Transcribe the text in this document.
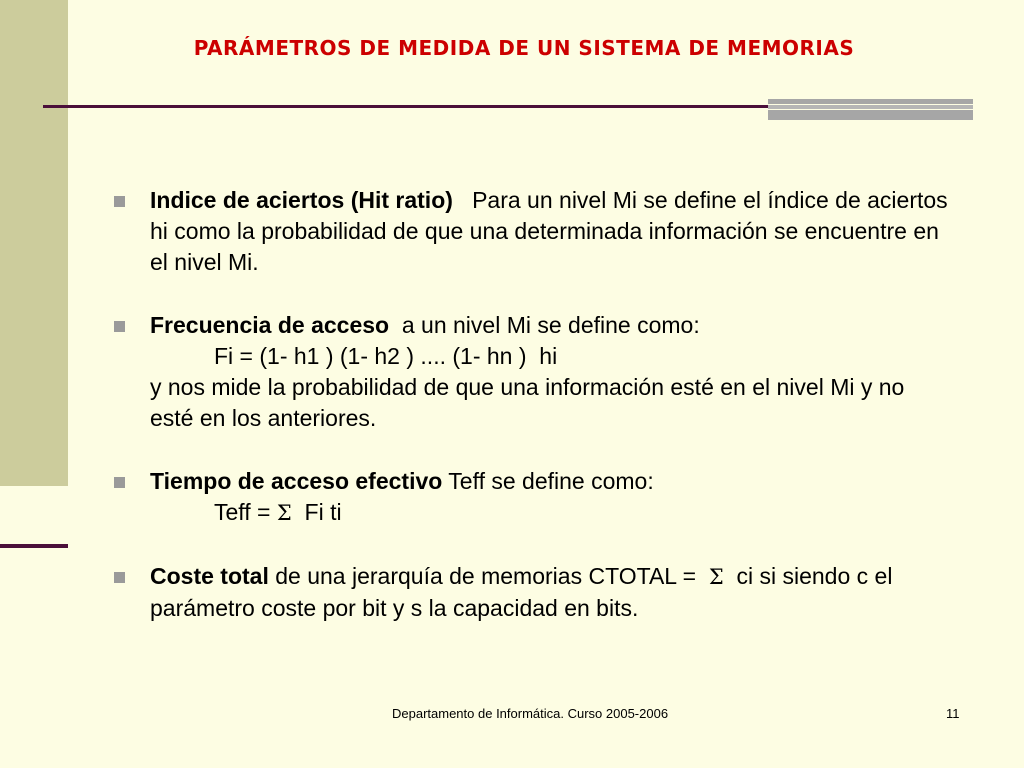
PARÁMETROS DE MEDIDA DE UN SISTEMA DE MEMORIAS

Indice de aciertos (Hit ratio) Para un nivel Mi se define el índice de aciertos hi como la probabilidad de que una determinada información se encuentre en el nivel Mi.

Frecuencia de acceso a un nivel Mi se define como:
Fi = (1- h1 ) (1- h2 ) .... (1- hn )  hi
y nos mide la probabilidad de que una información esté en el nivel Mi y no esté en los anteriores.

Tiempo de acceso efectivo Teff se define como:
Teff = Σ Fi ti

Coste total de una jerarquía de memorias CTOTAL = Σ ci si siendo c el parámetro coste por bit y s la capacidad en bits.

Departamento de Informática. Curso 2005-2006	11
